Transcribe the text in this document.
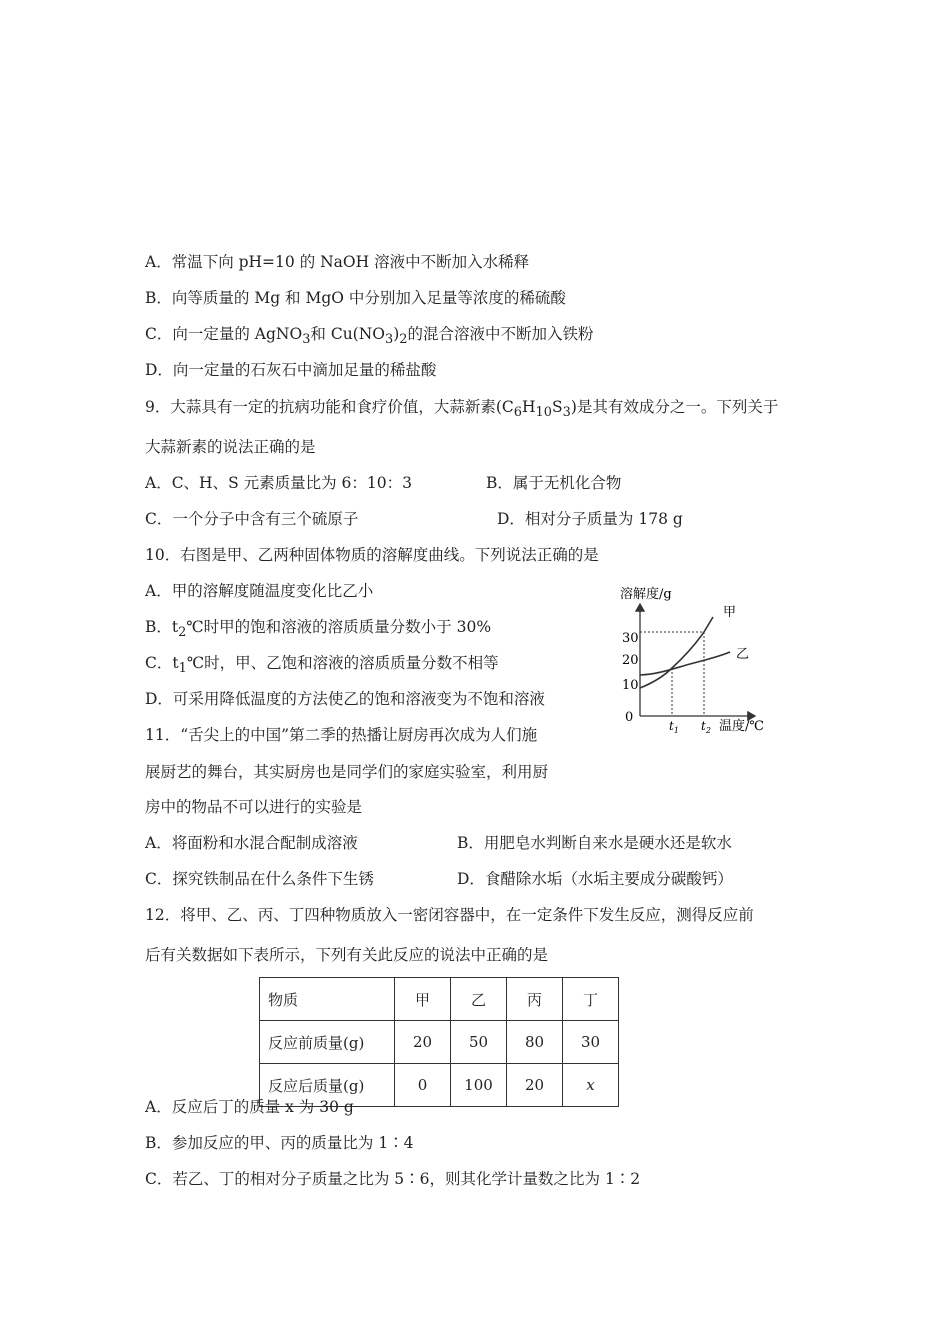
A．常温下向 pH=10 的 NaOH 溶液中不断加入水稀释
B．向等质量的 Mg 和 MgO 中分别加入足量等浓度的稀硫酸
C．向一定量的 AgNO$_3$和 $Cu(NO_3)_2$的混合溶液中不断加入铁粉
D．向一定量的石灰石中滴加足量的稀盐酸
9．大蒜具有一定的抗病功能和食疗价值，大蒜新素$(C_6H_{10}S_3)$是其有效成分之一。下列关于
大蒜新素的说法正确的是
A．C、H、S 元素质量比为 6：10：3	B．属于无机化合物
C．一个分子中含有三个硫原子	D．相对分子质量为 178 g
10．右图是甲、乙两种固体物质的溶解度曲线。下列说法正确的是
A．甲的溶解度随温度变化比乙小
B．$t_2℃$时甲的饱和溶液的溶质质量分数小于 30%
C．$t_1℃$时，甲、乙饱和溶液的溶质质量分数不相等
D．可采用降低温度的方法使乙的饱和溶液变为不饱和溶液
溶解度/g
30
20
10
0
甲
乙
$t_1$ $t_2$ 温度/℃
11．“舌尖上的中国”第二季的热播让厨房再次成为人们施
展厨艺的舞台，其实厨房也是同学们的家庭实验室，利用厨
房中的物品不可以进行的实验是
A．将面粉和水混合配制成溶液	B．用肥皂水判断自来水是硬水还是软水
C．探究铁制品在什么条件下生锈	D．食醋除水垢（水垢主要成分碳酸钙）
12．将甲、乙、丙、丁四种物质放入一密闭容器中，在一定条件下发生反应，测得反应前
后有关数据如下表所示，下列有关此反应的说法中正确的是
物质	甲	乙	丙	丁
反应前质量(g)	20	50	80	30
反应后质量(g)	0	100	20	x
A．反应后丁的质量 x 为 30 g
B．参加反应的甲、丙的质量比为 1∶4
C．若乙、丁的相对分子质量之比为 5∶6，则其化学计量数之比为 1∶2
